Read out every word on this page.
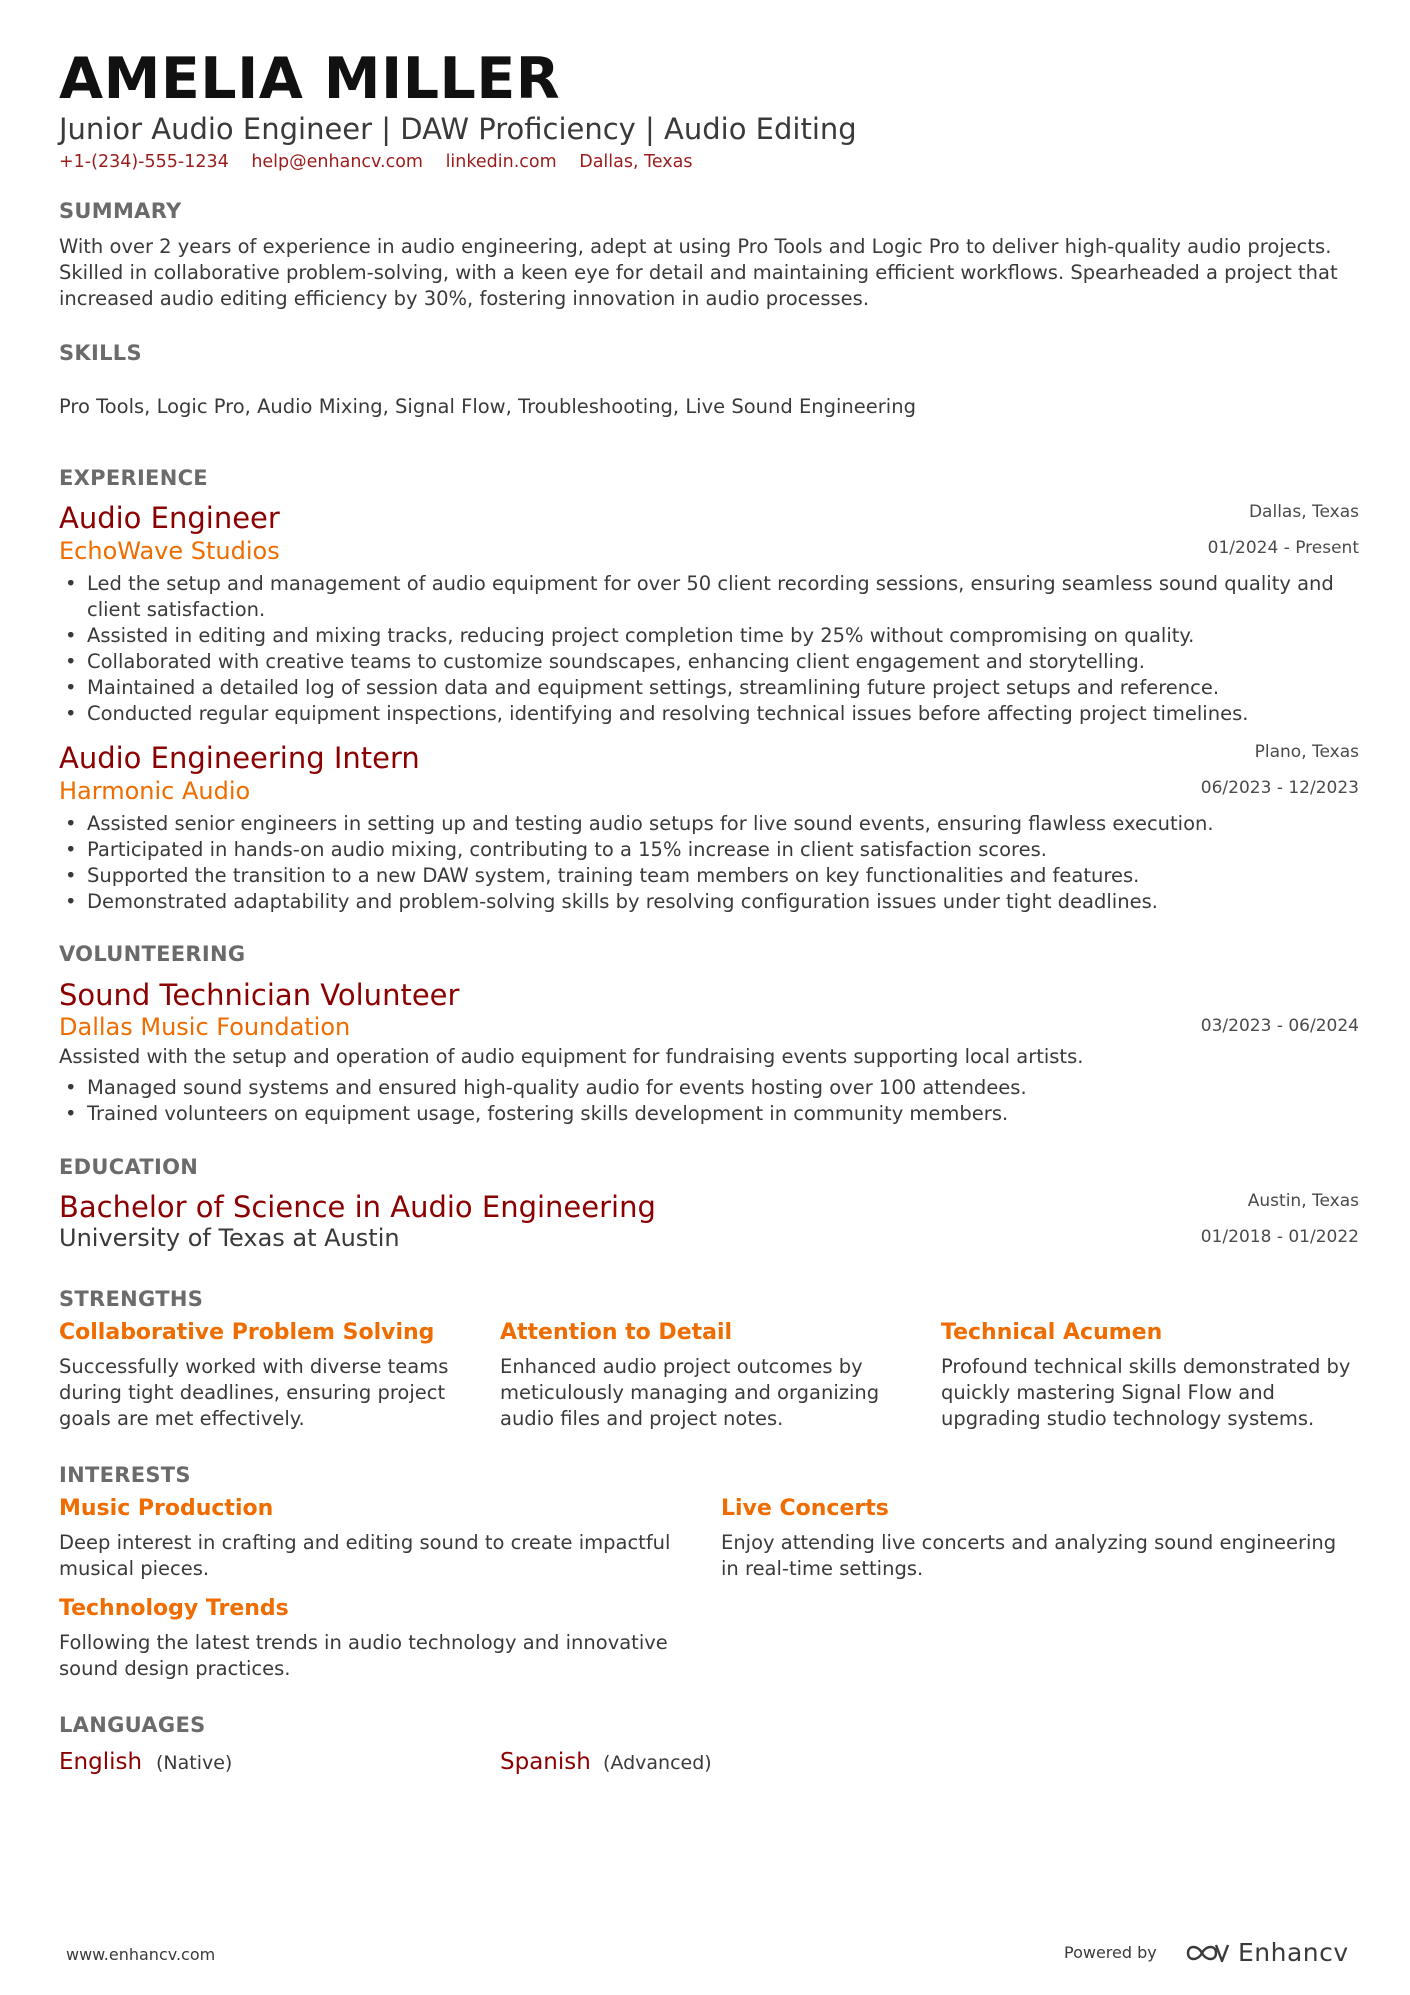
AMELIA MILLER
Junior Audio Engineer | DAW Proficiency | Audio Editing
+1-(234)-555-1234 help@enhancv.com linkedin.com Dallas, Texas
SUMMARY
With over 2 years of experience in audio engineering, adept at using Pro Tools and Logic Pro to deliver high-quality audio projects. Skilled in collaborative problem-solving, with a keen eye for detail and maintaining efficient workflows. Spearheaded a project that increased audio editing efficiency by 30%, fostering innovation in audio processes.
SKILLS
Pro Tools, Logic Pro, Audio Mixing, Signal Flow, Troubleshooting, Live Sound Engineering
EXPERIENCE
Audio Engineer	Dallas, Texas
EchoWave Studios	01/2024 - Present
• Led the setup and management of audio equipment for over 50 client recording sessions, ensuring seamless sound quality and client satisfaction.
• Assisted in editing and mixing tracks, reducing project completion time by 25% without compromising on quality.
• Collaborated with creative teams to customize soundscapes, enhancing client engagement and storytelling.
• Maintained a detailed log of session data and equipment settings, streamlining future project setups and reference.
• Conducted regular equipment inspections, identifying and resolving technical issues before affecting project timelines.
Audio Engineering Intern	Plano, Texas
Harmonic Audio	06/2023 - 12/2023
• Assisted senior engineers in setting up and testing audio setups for live sound events, ensuring flawless execution.
• Participated in hands-on audio mixing, contributing to a 15% increase in client satisfaction scores.
• Supported the transition to a new DAW system, training team members on key functionalities and features.
• Demonstrated adaptability and problem-solving skills by resolving configuration issues under tight deadlines.
VOLUNTEERING
Sound Technician Volunteer
Dallas Music Foundation	03/2023 - 06/2024
Assisted with the setup and operation of audio equipment for fundraising events supporting local artists.
• Managed sound systems and ensured high-quality audio for events hosting over 100 attendees.
• Trained volunteers on equipment usage, fostering skills development in community members.
EDUCATION
Bachelor of Science in Audio Engineering	Austin, Texas
University of Texas at Austin	01/2018 - 01/2022
STRENGTHS
Collaborative Problem Solving
Successfully worked with diverse teams during tight deadlines, ensuring project goals are met effectively.
Attention to Detail
Enhanced audio project outcomes by meticulously managing and organizing audio files and project notes.
Technical Acumen
Profound technical skills demonstrated by quickly mastering Signal Flow and upgrading studio technology systems.
INTERESTS
Music Production
Deep interest in crafting and editing sound to create impactful musical pieces.
Live Concerts
Enjoy attending live concerts and analyzing sound engineering in real-time settings.
Technology Trends
Following the latest trends in audio technology and innovative sound design practices.
LANGUAGES
English (Native)	Spanish (Advanced)
www.enhancv.com	Powered by	Enhancv
